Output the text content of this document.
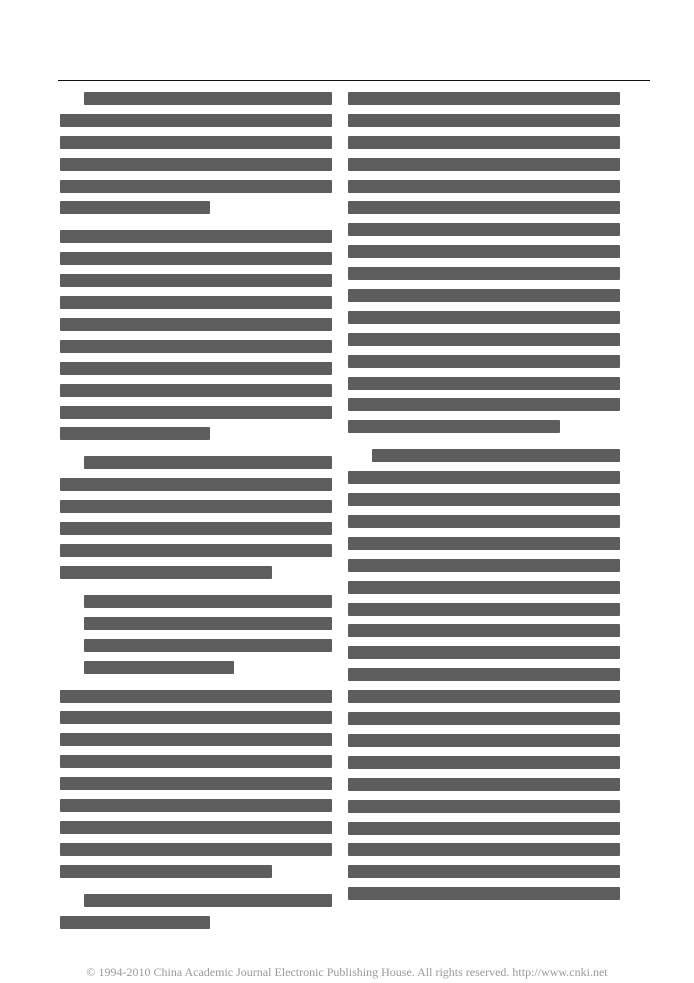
© 1994-2010 China Academic Journal Electronic Publishing House. All rights reserved. http://www.cnki.net
